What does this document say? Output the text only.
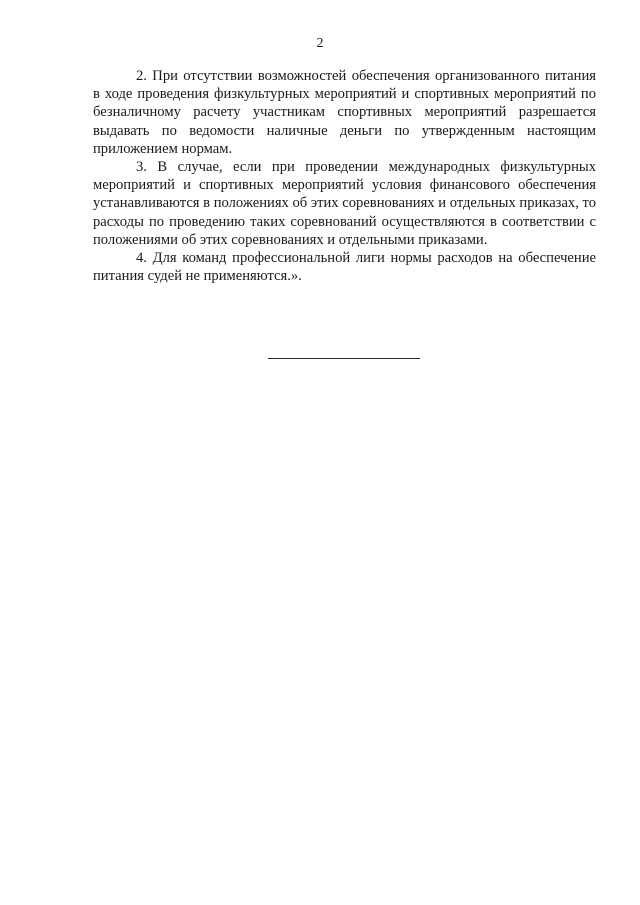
2

2. При отсутствии возможностей обеспечения организованного питания в ходе проведения физкультурных мероприятий и спортивных мероприятий по безналичному расчету участникам спортивных мероприятий разрешается выдавать по ведомости наличные деньги по утвержденным настоящим приложением нормам.

3. В случае, если при проведении международных физкультурных мероприятий и спортивных мероприятий условия финансового обеспечения устанавливаются в положениях об этих соревнованиях и отдельных приказах, то расходы по проведению таких соревнований осуществляются в соответствии с положениями об этих соревнованиях и отдельными приказами.

4. Для команд профессиональной лиги нормы расходов на обеспечение питания судей не применяются.».
